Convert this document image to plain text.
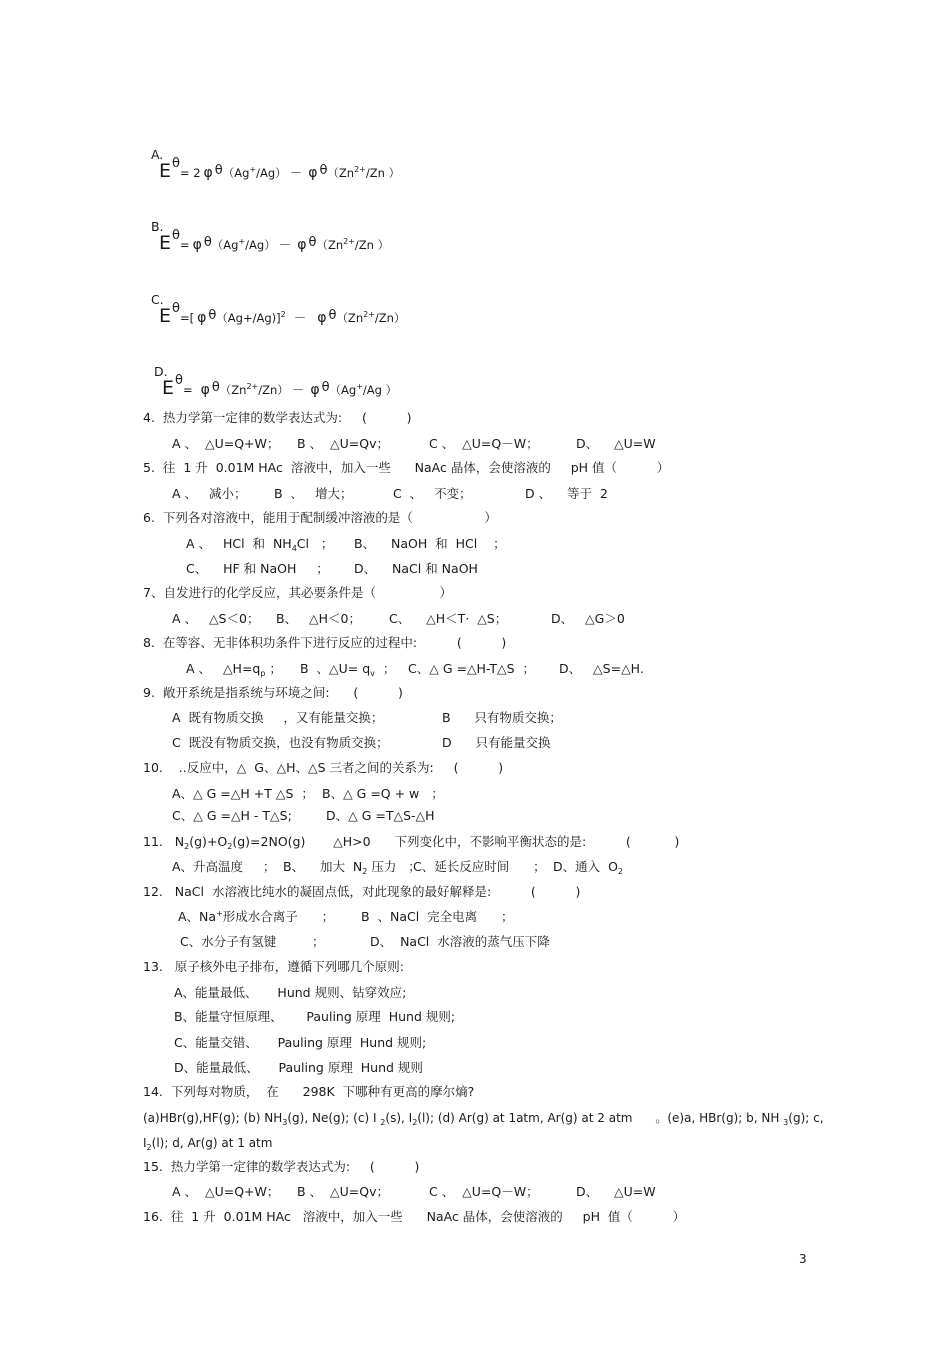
A.
Eθ= 2 φ θ（Ag+/Ag） － φ $\theta(Zn^{2+}/Zn$ ）

B.
Eθ= φ θ（Ag+/Ag） － φ $\theta(Zn^{2+}/Zn$ ）

C.
Eθ=[ φ θ（Ag+/Ag)]$^2$ － φ $\theta(Zn^{2+}/Zn)$

D.
Eθ= φ $\theta(Zn^{2+}/Zn) - \varphi$ θ（Ag+/Ag ）

4.  热力学第一定律的数学表达式为:     (          )
A 、  △U=Q+W； B 、  △U=Qv；	C 、  △U=Q－W；	D、    △U=W
5.  往  1 升  0.01M HAc  溶液中，加入一些      NaAc 晶体，会使溶液的     pH 值（          ）
A 、   减小； B  、   增大；	C  、   不变；	D 、    等于  2
6.  下列各对溶液中，能用于配制缓冲溶液的是（                  ）
A 、   HCl  和  $NH_4Cl$   ； B、    NaOH  和  HCl    ；
C、    HF 和 NaOH     ； D、    NaCl 和 NaOH
7、自发进行的化学反应，其必要条件是（                ）
A 、   △S＜0； B、   △H＜0； C、    △H＜T·  △S；	D、   △G＞0
8.  在等容、无非体积功条件下进行反应的过程中:          (          )
A 、   $\triangle H=q_p$ ； B  、△U= $q_v$  ； C、△ G =△H-T△S  ； D、   △S=△H.
9.  敞开系统是指系统与环境之间:      (          )
A  既有物质交换     ，又有能量交换；	B      只有物质交换；
C  既没有物质交换，也没有物质交换；	D      只有能量交换
10.    ..反应中，△  G、△H、△S 三者之间的关系为:     (          )
A、△ G =△H +T △S  ； B、△ G =Q + w   ；
C、△ G =△H - T△S;	D、△ G =T△S-△H
11.   $N_2(g)+O_2(g)=2NO(g)$       △H>0      下列变化中，不影响平衡状态的是:          (           )
A、升高温度     ； B、    加大  $N_2$ 压力   ；
C、延长反应时间      ； D、通入  $O_2$
12.   NaCl  水溶液比纯水的凝固点低，对此现象的最好解释是:          (          )
A、Na+形成水合离子      ； B  、NaCl  完全电离      ；
C、水分子有氢键         ；	D、  NaCl  水溶液的蒸气压下降
13.   原子核外电子排布，遵循下列哪几个原则:
A、能量最低、     Hund 规则、钻穿效应;
B、能量守恒原理、      Pauling 原理  Hund 规则;
C、能量交错、     Pauling 原理  Hund 规则;
D、能量最低、     Pauling 原理  Hund 规则
14.  下列每对物质，  在      298K  下哪种有更高的摩尔熵?
(a)HBr(g),HF(g); (b) $NH_3(g)$, Ne(g); (c) I $_2$(s), $I_2(l)$; (d) Ar(g) at 1atm, Ar(g) at 2 atm      。(e)a, HBr(g); b, NH $_3$(g); c,
$I_2(l)$; d, Ar(g) at 1 atm
15.  热力学第一定律的数学表达式为:     (          )
A 、  △U=Q+W； B 、  △U=Qv；	C 、  △U=Q－W；	D、    △U=W
16.  往  1 升  0.01M HAc   溶液中，加入一些      NaAc 晶体，会使溶液的     pH  值（          ）
3
